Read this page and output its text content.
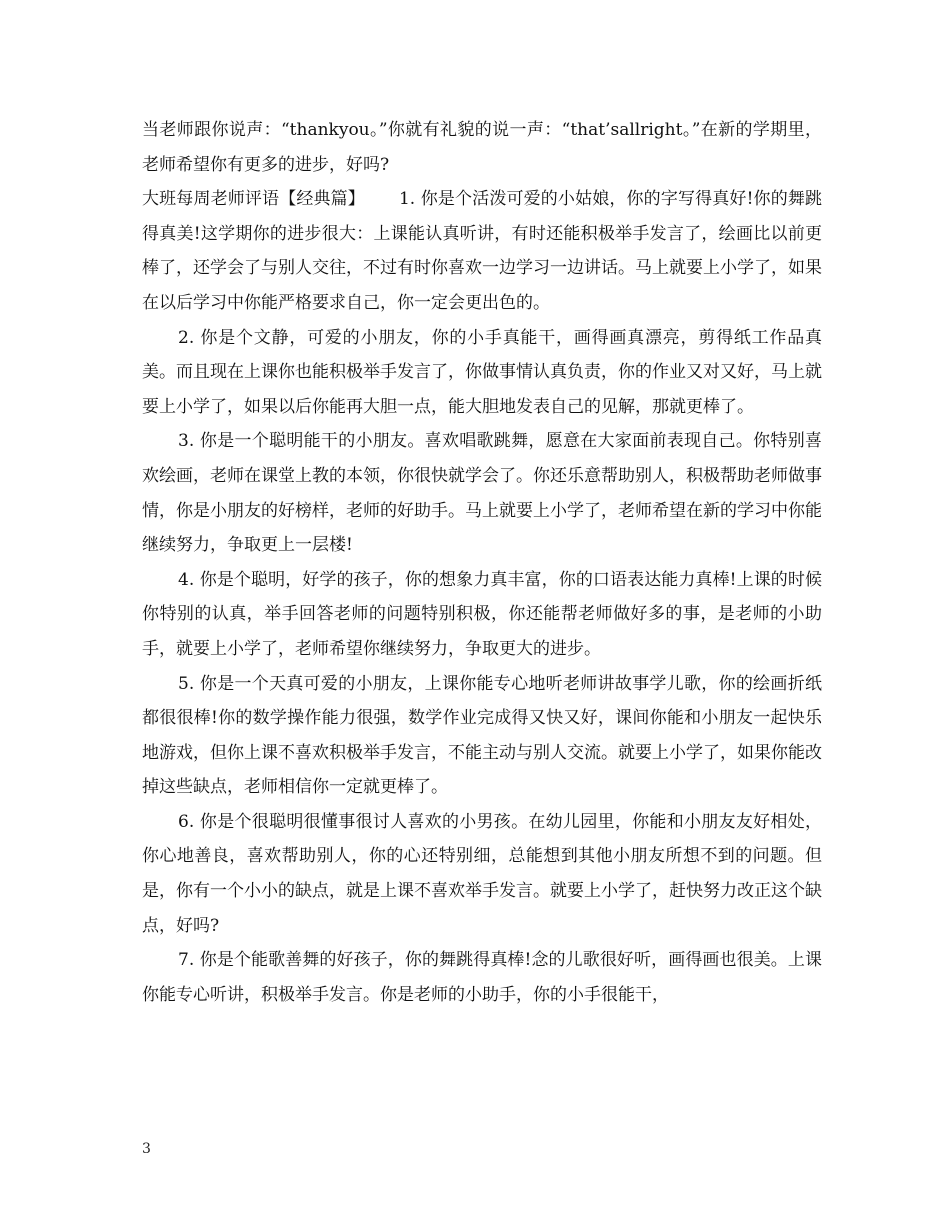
当老师跟你说声：“thankyou。”你就有礼貌的说一声：“that’sallright。”在新的学期里，老师希望你有更多的进步，好吗?

大班每周老师评语【经典篇】 1. 你是个活泼可爱的小姑娘，你的字写得真好!你的舞跳得真美!这学期你的进步很大：上课能认真听讲，有时还能积极举手发言了，绘画比以前更棒了，还学会了与别人交往，不过有时你喜欢一边学习一边讲话。马上就要上小学了，如果在以后学习中你能严格要求自己，你一定会更出色的。

2. 你是个文静，可爱的小朋友，你的小手真能干，画得画真漂亮，剪得纸工作品真美。而且现在上课你也能积极举手发言了，你做事情认真负责，你的作业又对又好，马上就要上小学了，如果以后你能再大胆一点，能大胆地发表自己的见解，那就更棒了。

3. 你是一个聪明能干的小朋友。喜欢唱歌跳舞，愿意在大家面前表现自己。你特别喜欢绘画，老师在课堂上教的本领，你很快就学会了。你还乐意帮助别人，积极帮助老师做事情，你是小朋友的好榜样，老师的好助手。马上就要上小学了，老师希望在新的学习中你能继续努力，争取更上一层楼!

4. 你是个聪明，好学的孩子，你的想象力真丰富，你的口语表达能力真棒!上课的时候你特别的认真，举手回答老师的问题特别积极，你还能帮老师做好多的事，是老师的小助手，就要上小学了，老师希望你继续努力，争取更大的进步。

5. 你是一个天真可爱的小朋友，上课你能专心地听老师讲故事学儿歌，你的绘画折纸都很很棒!你的数学操作能力很强，数学作业完成得又快又好，课间你能和小朋友一起快乐地游戏，但你上课不喜欢积极举手发言，不能主动与别人交流。就要上小学了，如果你能改掉这些缺点，老师相信你一定就更棒了。

6. 你是个很聪明很懂事很讨人喜欢的小男孩。在幼儿园里，你能和小朋友友好相处，你心地善良，喜欢帮助别人，你的心还特别细，总能想到其他小朋友所想不到的问题。但是，你有一个小小的缺点，就是上课不喜欢举手发言。就要上小学了，赶快努力改正这个缺点，好吗?

7. 你是个能歌善舞的好孩子，你的舞跳得真棒!念的儿歌很好听，画得画也很美。上课你能专心听讲，积极举手发言。你是老师的小助手，你的小手很能干，

3
